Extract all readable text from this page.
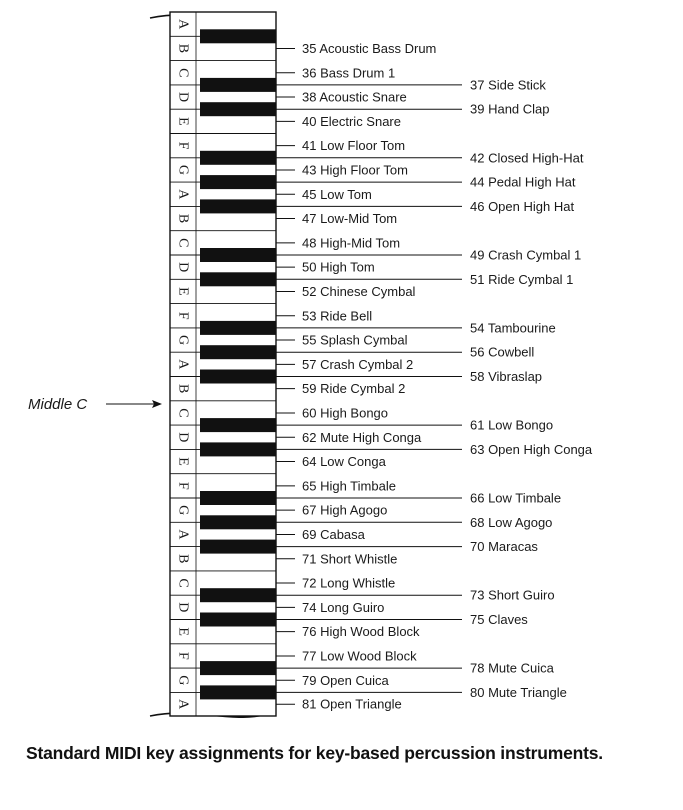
A
B
C
D
E
F
G
A
B
C
D
E
F
G
A
B
C
D
E
F
G
A
B
C
D
E
F
G
A
35 Acoustic Bass Drum
36 Bass Drum 1
38 Acoustic Snare
40 Electric Snare
41 Low Floor Tom
43 High Floor Tom
45 Low Tom
47 Low-Mid Tom
48 High-Mid Tom
50 High Tom
52 Chinese Cymbal
53 Ride Bell
55 Splash Cymbal
57 Crash Cymbal 2
59 Ride Cymbal 2
60 High Bongo
62 Mute High Conga
64 Low Conga
65 High Timbale
67 High Agogo
69 Cabasa
71 Short Whistle
72 Long Whistle
74 Long Guiro
76 High Wood Block
77 Low Wood Block
79 Open Cuica
81 Open Triangle
37 Side Stick
39 Hand Clap
42 Closed High-Hat
44 Pedal High Hat
46 Open High Hat
49 Crash Cymbal 1
51 Ride Cymbal 1
54 Tambourine
56 Cowbell
58 Vibraslap
61 Low Bongo
63 Open High Conga
66 Low Timbale
68 Low Agogo
70 Maracas
73 Short Guiro
75 Claves
78 Mute Cuica
80 Mute Triangle
Middle C

Standard MIDI key assignments for key-based percussion instruments.
